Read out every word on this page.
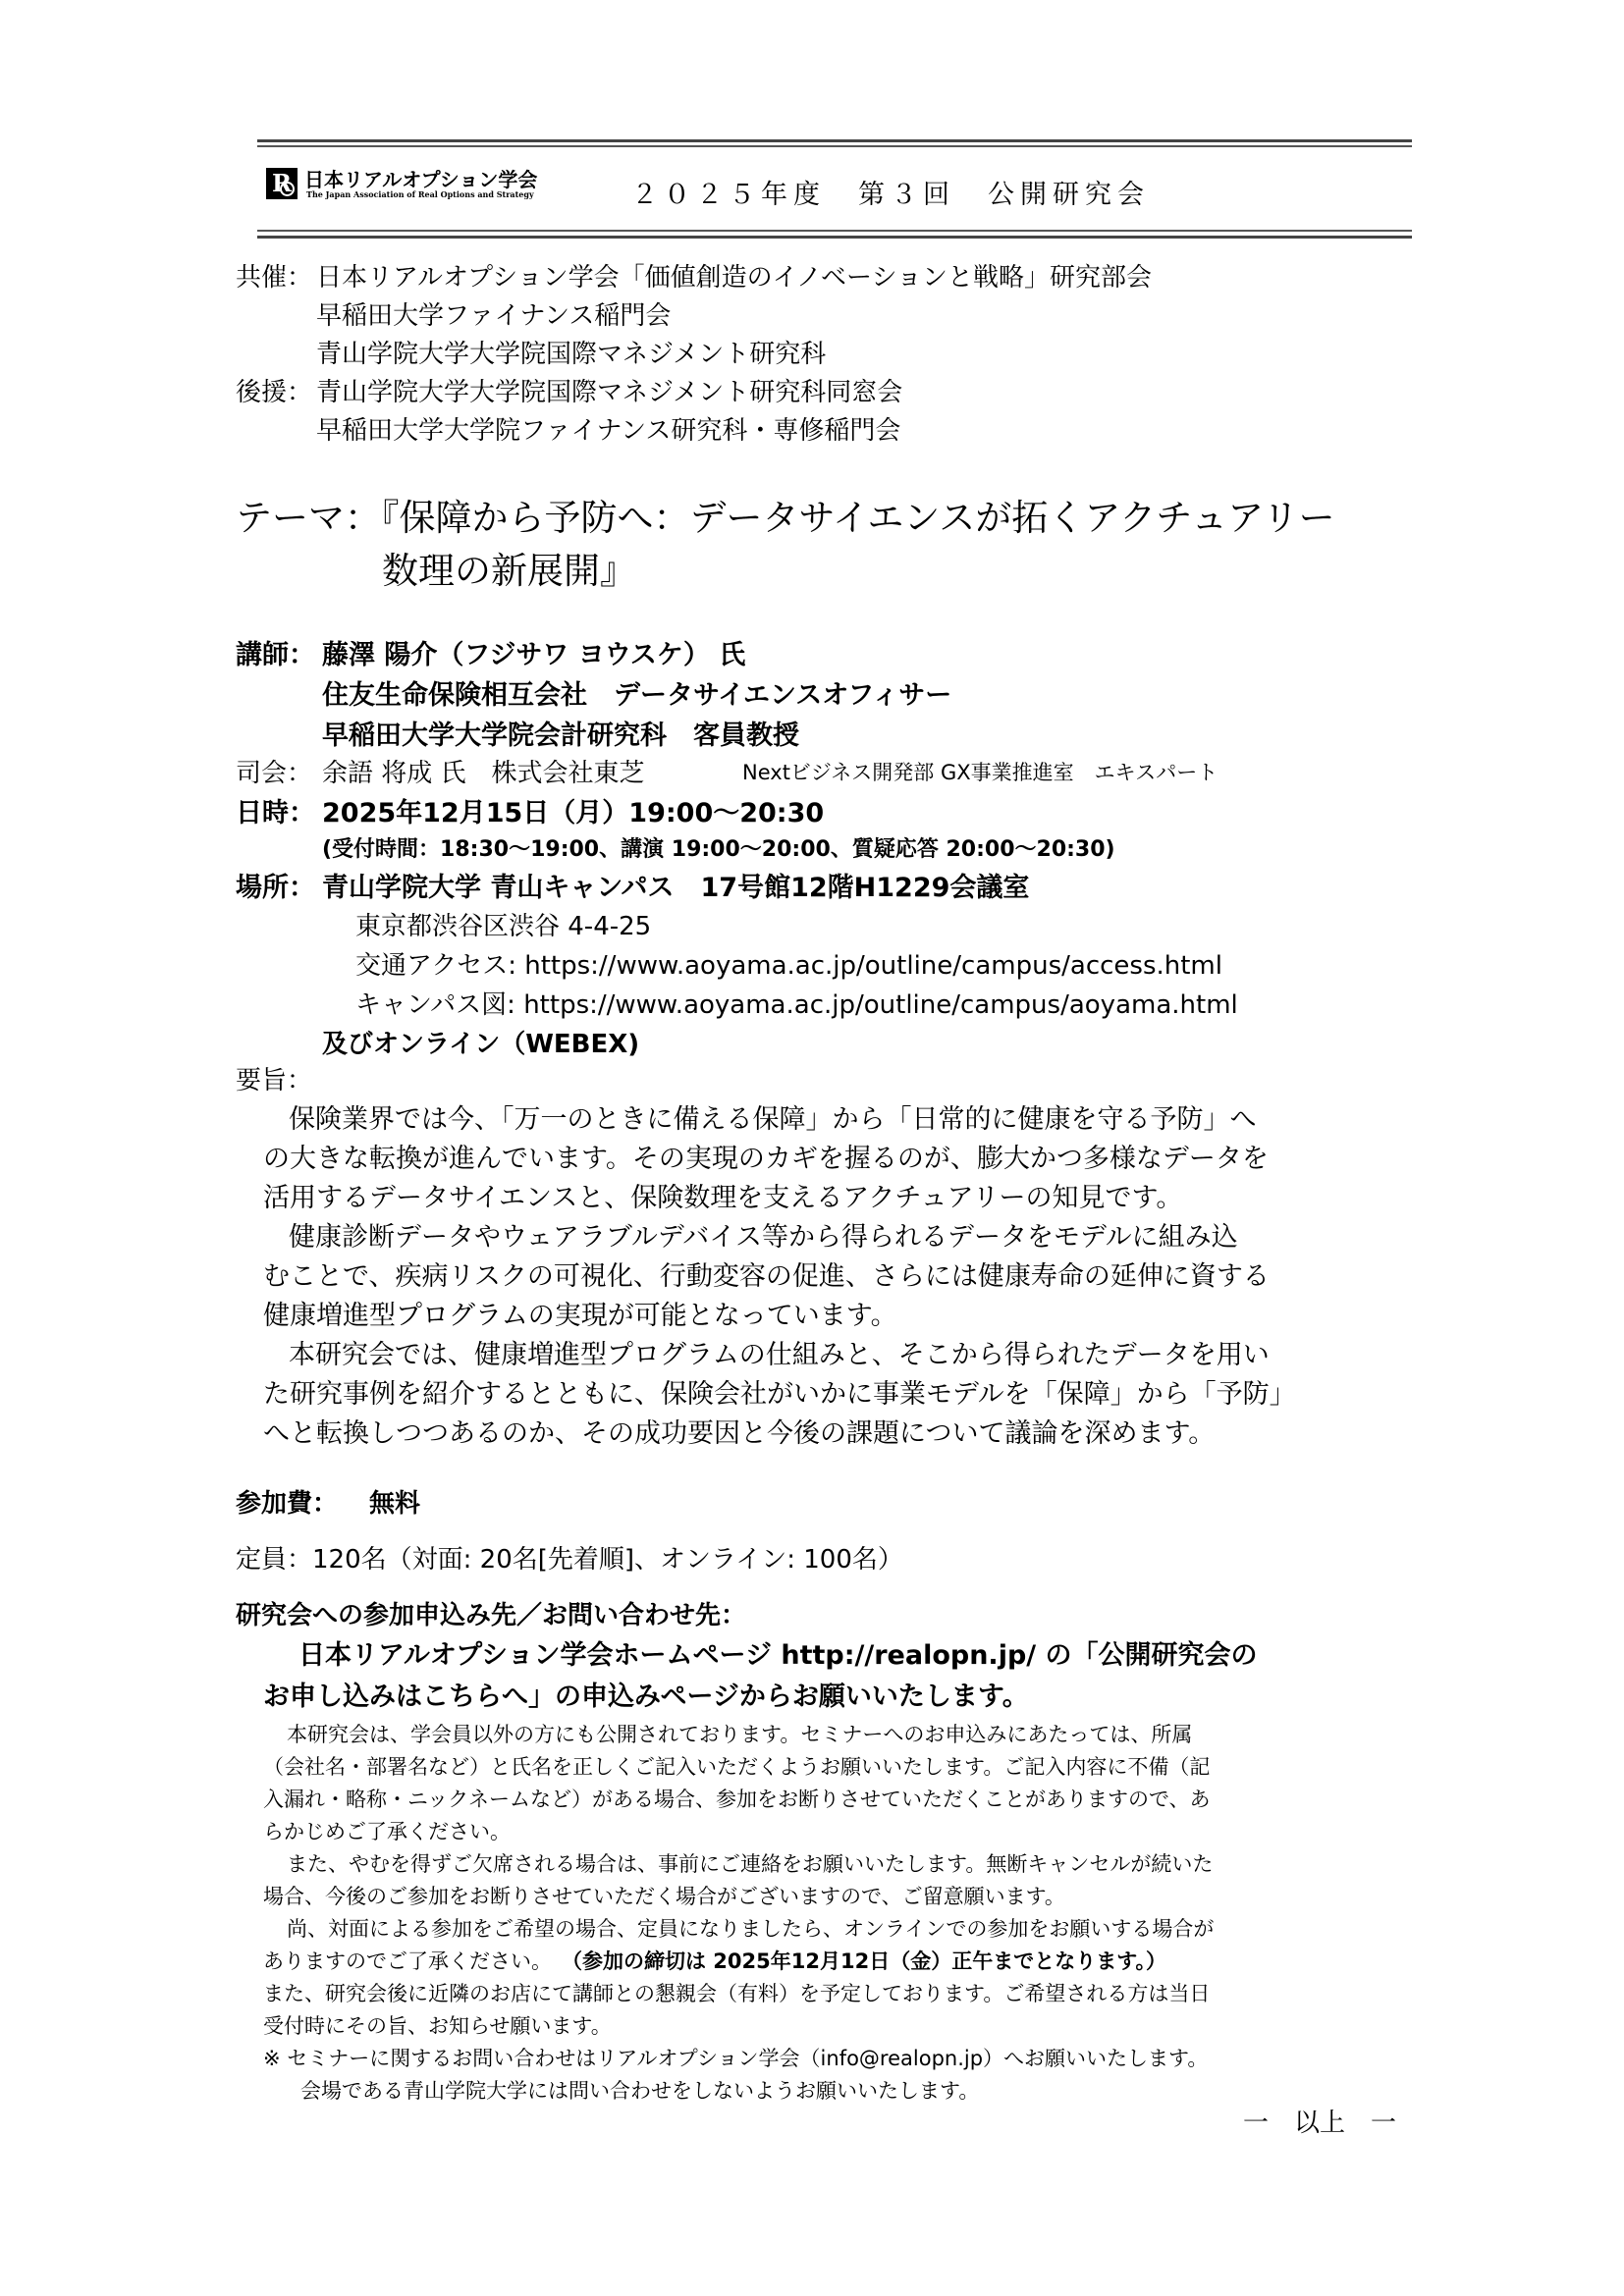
R 日本リアルオプション学会
The Japan Association of Real Options and Strategy	２０２５年度　第３回　公開研究会
共催： 日本リアルオプション学会「価値創造のイノベーションと戦略」研究部会
早稲田大学ファイナンス稲門会
青山学院大学大学院国際マネジメント研究科
後援： 青山学院大学大学院国際マネジメント研究科同窓会
早稲田大学大学院ファイナンス研究科・専修稲門会
テーマ：『保障から予防へ：データサイエンスが拓くアクチュアリー
数理の新展開』
講師： 藤澤 陽介（フジサワ ヨウスケ） 氏
住友生命保険相互会社　データサイエンスオフィサー
早稲田大学大学院会計研究科　客員教授
司会： 余語 将成 氏　株式会社東芝	Nextビジネス開発部 GX事業推進室　エキスパート
日時： 2025年12月15日（月）19:00～20:30
(受付時間：18:30～19:00、講演 19:00～20:00、質疑応答 20:00～20:30)
場所： 青山学院大学 青山キャンパス　17号館12階H1229会議室
東京都渋谷区渋谷 4-4-25
交通アクセス: https://www.aoyama.ac.jp/outline/campus/access.html
キャンパス図: https://www.aoyama.ac.jp/outline/campus/aoyama.html
及びオンライン（WEBEX)
要旨：
保険業界では今、「万一のときに備える保障」から「日常的に健康を守る予防」へ
の大きな転換が進んでいます。その実現のカギを握るのが、膨大かつ多様なデータを
活用するデータサイエンスと、保険数理を支えるアクチュアリーの知見です。
健康診断データやウェアラブルデバイス等から得られるデータをモデルに組み込
むことで、疾病リスクの可視化、行動変容の促進、さらには健康寿命の延伸に資する
健康増進型プログラムの実現が可能となっています。
本研究会では、健康増進型プログラムの仕組みと、そこから得られたデータを用い
た研究事例を紹介するとともに、保険会社がいかに事業モデルを「保障」から「予防」
へと転換しつつあるのか、その成功要因と今後の課題について議論を深めます。
参加費： 無料
定員：120名（対面: 20名[先着順]、オンライン: 100名）
研究会への参加申込み先／お問い合わせ先：
日本リアルオプション学会ホームページ http://realopn.jp/ の「公開研究会の
お申し込みはこちらへ」の申込みページからお願いいたします。
本研究会は、学会員以外の方にも公開されております。セミナーへのお申込みにあたっては、所属
（会社名・部署名など）と氏名を正しくご記入いただくようお願いいたします。ご記入内容に不備（記
入漏れ・略称・ニックネームなど）がある場合、参加をお断りさせていただくことがありますので、あ
らかじめご了承ください。
また、やむを得ずご欠席される場合は、事前にご連絡をお願いいたします。無断キャンセルが続いた
場合、今後のご参加をお断りさせていただく場合がございますので、ご留意願います。
尚、対面による参加をご希望の場合、定員になりましたら、オンラインでの参加をお願いする場合が
ありますのでご了承ください。 （参加の締切は 2025年12月12日（金）正午までとなります。）
また、研究会後に近隣のお店にて講師との懇親会（有料）を予定しております。ご希望される方は当日
受付時にその旨、お知らせ願います。
※ セミナーに関するお問い合わせはリアルオプション学会（info@realopn.jp）へお願いいたします。
会場である青山学院大学には問い合わせをしないようお願いいたします。
一　以上　一
